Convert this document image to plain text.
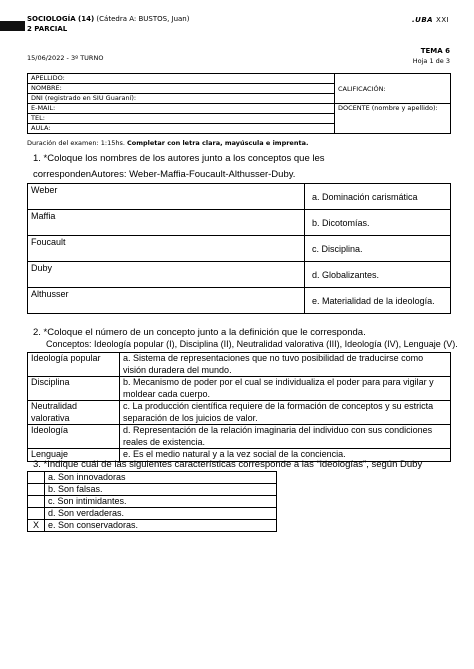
SOCIOLOGÍA (14) (Cátedra A: BUSTOS, Juan)
2 PARCIAL
.UBA XXI
15/06/2022 - 3º TURNO
TEMA 6
Hoja 1 de 3
APELLIDO:	CALIFICACIÓN:
NOMBRE:	
DNI (registrado en SIU Guaraní):	
E-MAIL:	DOCENTE (nombre y apellido):
TEL:	
AULA:	
Duración del examen: 1:15hs. Completar con letra clara, mayúscula e imprenta.
1. *Coloque los nombres de los autores junto a los conceptos que les
correspondenAutores: Weber-Maffia-Foucault-Althusser-Duby.
Weber	a. Dominación carismática
Maffia	b. Dicotomías.
Foucault	c. Disciplina.
Duby	d. Globalizantes.
Althusser	e. Materialidad de la ideología.
2. *Coloque el número de un concepto junto a la definición que le corresponda.
Conceptos: Ideología popular (I), Disciplina (II), Neutralidad valorativa (III), Ideología (IV), Lenguaje (V).
Ideología popular	a. Sistema de representaciones que no tuvo posibilidad de traducirse como visión duradera del mundo.
Disciplina	b. Mecanismo de poder por el cual se individualiza el poder para para vigilar y moldear cada cuerpo.
Neutralidad valorativa	c. La producción científica requiere de la formación de conceptos y su estricta separación de los juicios de valor.
Ideología	d. Representación de la relación imaginaria del individuo con sus condiciones reales de existencia.
Lenguaje	e. Es el medio natural y a la vez social de la conciencia.
3. *Indique cuál de las siguientes características corresponde a las “ideologías”, según Duby
	a. Son innovadoras
	b. Son falsas.
	c. Son intimidantes.
	d. Son verdaderas.
X	e. Son conservadoras.
